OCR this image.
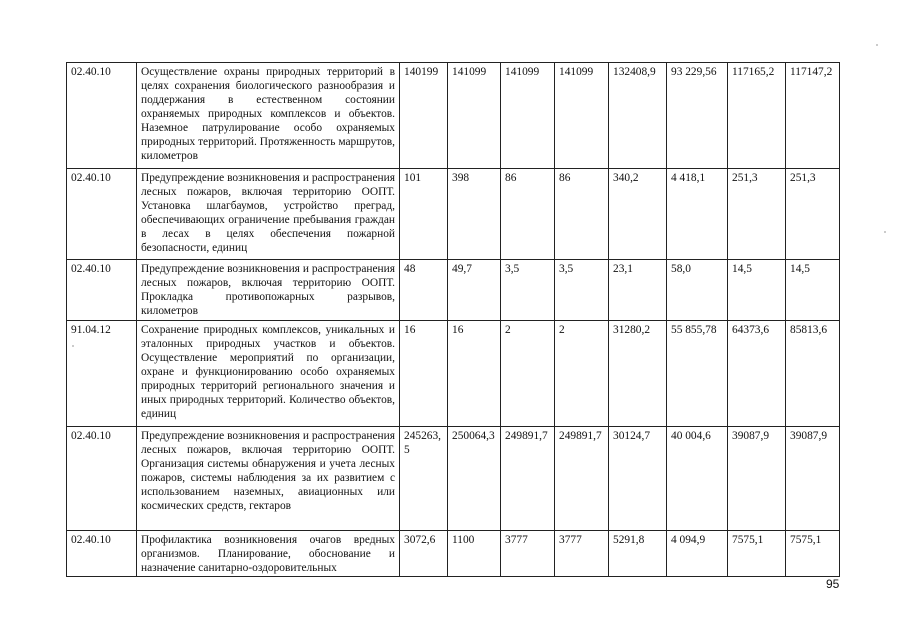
02.40.10	Осуществление охраны природных территорий в целях сохранения биологического разнообразия и поддержания в естественном состоянии охраняемых природных комплексов и объектов. Наземное патрулирование особо охраняемых природных территорий. Протяженность маршрутов, километров	140199	141099	141099	141099	132408,9	93 229,56	117165,2	117147,2
02.40.10	Предупреждение возникновения и распространения лесных пожаров, включая территорию ООПТ. Установка шлагбаумов, устройство преград, обеспечивающих ограничение пребывания граждан в лесах в целях обеспечения пожарной безопасности, единиц	101	398	86	86	340,2	4 418,1	251,3	251,3
02.40.10	Предупреждение возникновения и распространения лесных пожаров, включая территорию ООПТ. Прокладка противопожарных разрывов, километров	48	49,7	3,5	3,5	23,1	58,0	14,5	14,5
91.04.12	Сохранение природных комплексов, уникальных и эталонных природных участков и объектов. Осуществление мероприятий по организации, охране и функционированию особо охраняемых природных территорий регионального значения и иных природных территорий. Количество объектов, единиц	16	16	2	2	31280,2	55 855,78	64373,6	85813,6
02.40.10	Предупреждение возникновения и распространения лесных пожаров, включая территорию ООПТ. Организация системы обнаружения и учета лесных пожаров, системы наблюдения за их развитием с использованием наземных, авиационных или космических средств, гектаров	245263,5	250064,3	249891,7	249891,7	30124,7	40 004,6	39087,9	39087,9
02.40.10	Профилактика возникновения очагов вредных организмов. Планирование, обоснование и назначение санитарно-оздоровительных	3072,6	1100	3777	3777	5291,8	4 094,9	7575,1	7575,1
95
